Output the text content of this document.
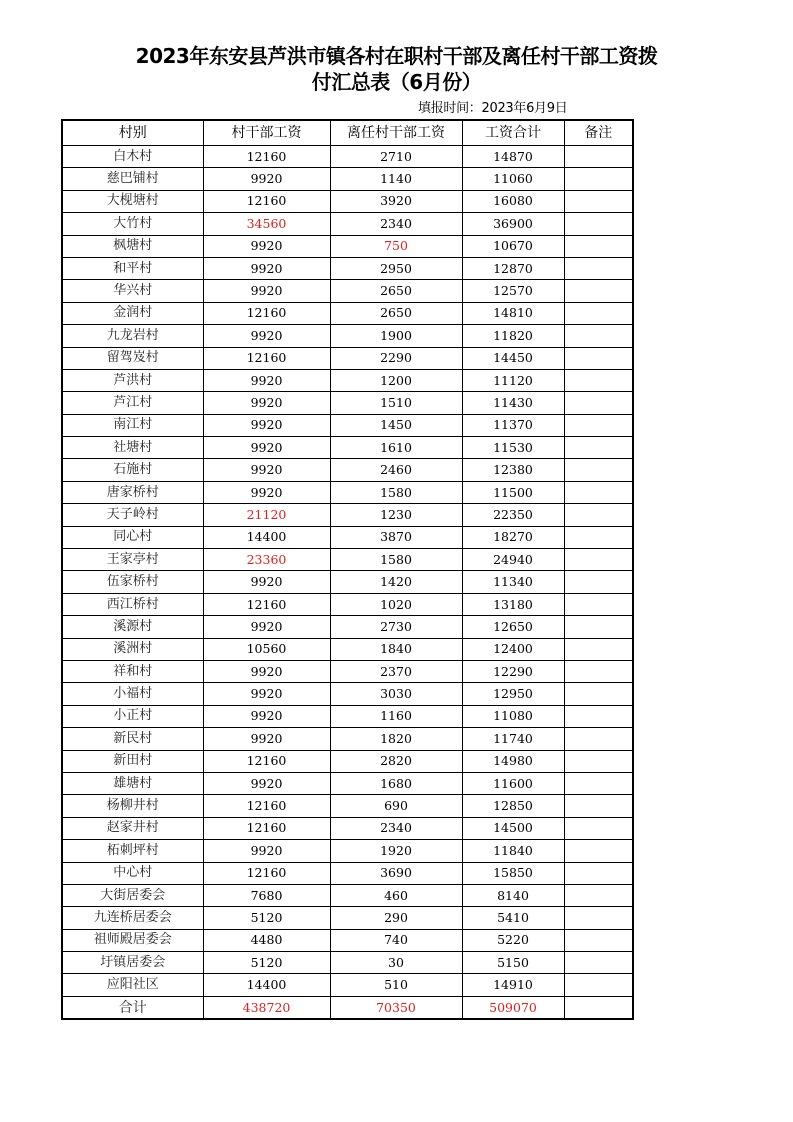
2023年东安县芦洪市镇各村在职村干部及离任村干部工资拨
付汇总表（6月份）
填报时间：2023年6月9日
村别	村干部工资	离任村干部工资	工资合计	备注
白木村	12160	2710	14870	
慈巴铺村	9920	1140	11060	
大枧塘村	12160	3920	16080	
大竹村	34560	2340	36900	
枫塘村	9920	750	10670	
和平村	9920	2950	12870	
华兴村	9920	2650	12570	
金润村	12160	2650	14810	
九龙岩村	9920	1900	11820	
留驾岌村	12160	2290	14450	
芦洪村	9920	1200	11120	
芦江村	9920	1510	11430	
南江村	9920	1450	11370	
社塘村	9920	1610	11530	
石施村	9920	2460	12380	
唐家桥村	9920	1580	11500	
天子岭村	21120	1230	22350	
同心村	14400	3870	18270	
王家亭村	23360	1580	24940	
伍家桥村	9920	1420	11340	
西江桥村	12160	1020	13180	
溪源村	9920	2730	12650	
溪洲村	10560	1840	12400	
祥和村	9920	2370	12290	
小福村	9920	3030	12950	
小正村	9920	1160	11080	
新民村	9920	1820	11740	
新田村	12160	2820	14980	
雄塘村	9920	1680	11600	
杨柳井村	12160	690	12850	
赵家井村	12160	2340	14500	
柘刺坪村	9920	1920	11840	
中心村	12160	3690	15850	
大街居委会	7680	460	8140	
九连桥居委会	5120	290	5410	
祖师殿居委会	4480	740	5220	
圩镇居委会	5120	30	5150	
应阳社区	14400	510	14910	
合计	438720	70350	509070	
